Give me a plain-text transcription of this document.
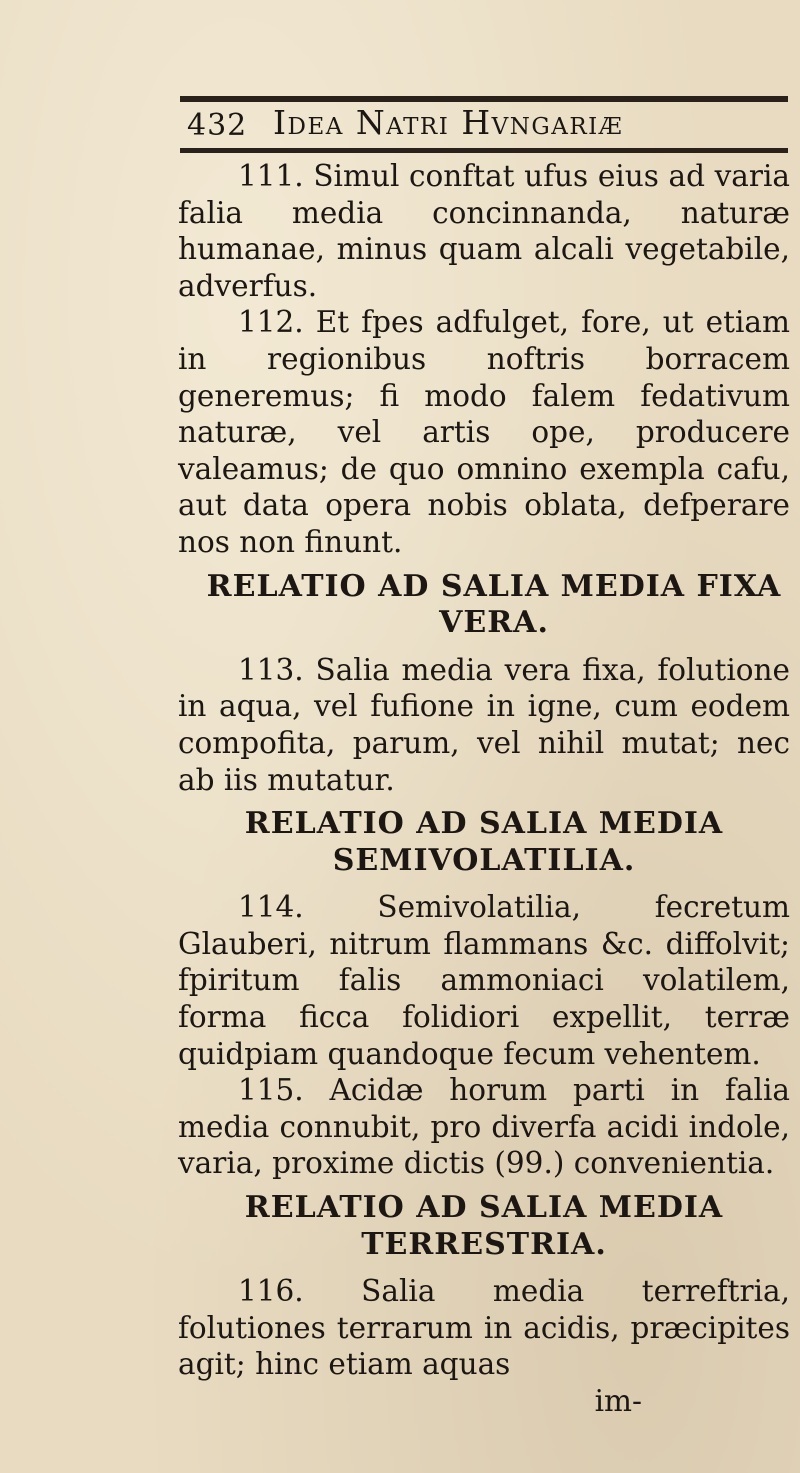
432 Idea Natri Hvngariæ

111. Simul conftat ufus eius ad varia falia media concinnanda, naturæ humanae, minus quam alcali vegetabile, adverfus.

112. Et fpes adfulget, fore, ut etiam in regionibus noftris borracem generemus; fi modo falem fedativum naturæ, vel artis ope, producere valeamus; de quo omnino exempla cafu, aut data opera nobis oblata, defperare nos non finunt.

RELATIO AD SALIA MEDIA FIXA VERA.

113. Salia media vera fixa, folutione in aqua, vel fufione in igne, cum eodem compofita, parum, vel nihil mutat; nec ab iis mutatur.

RELATIO AD SALIA MEDIA SEMIVOLATILIA.

114. Semivolatilia, fecretum Glauberi, nitrum flammans &c. diffolvit; fpiritum falis ammoniaci volatilem, forma ficca folidiori expellit, terræ quidpiam quandoque fecum vehentem.

115. Acidæ horum parti in falia media connubit, pro diverfa acidi indole, varia, proxime dictis (99.) convenientia.

RELATIO AD SALIA MEDIA TERRESTRIA.

116. Salia media terreftria, folutiones terrarum in acidis, præcipites agit; hinc etiam aquas

im-
